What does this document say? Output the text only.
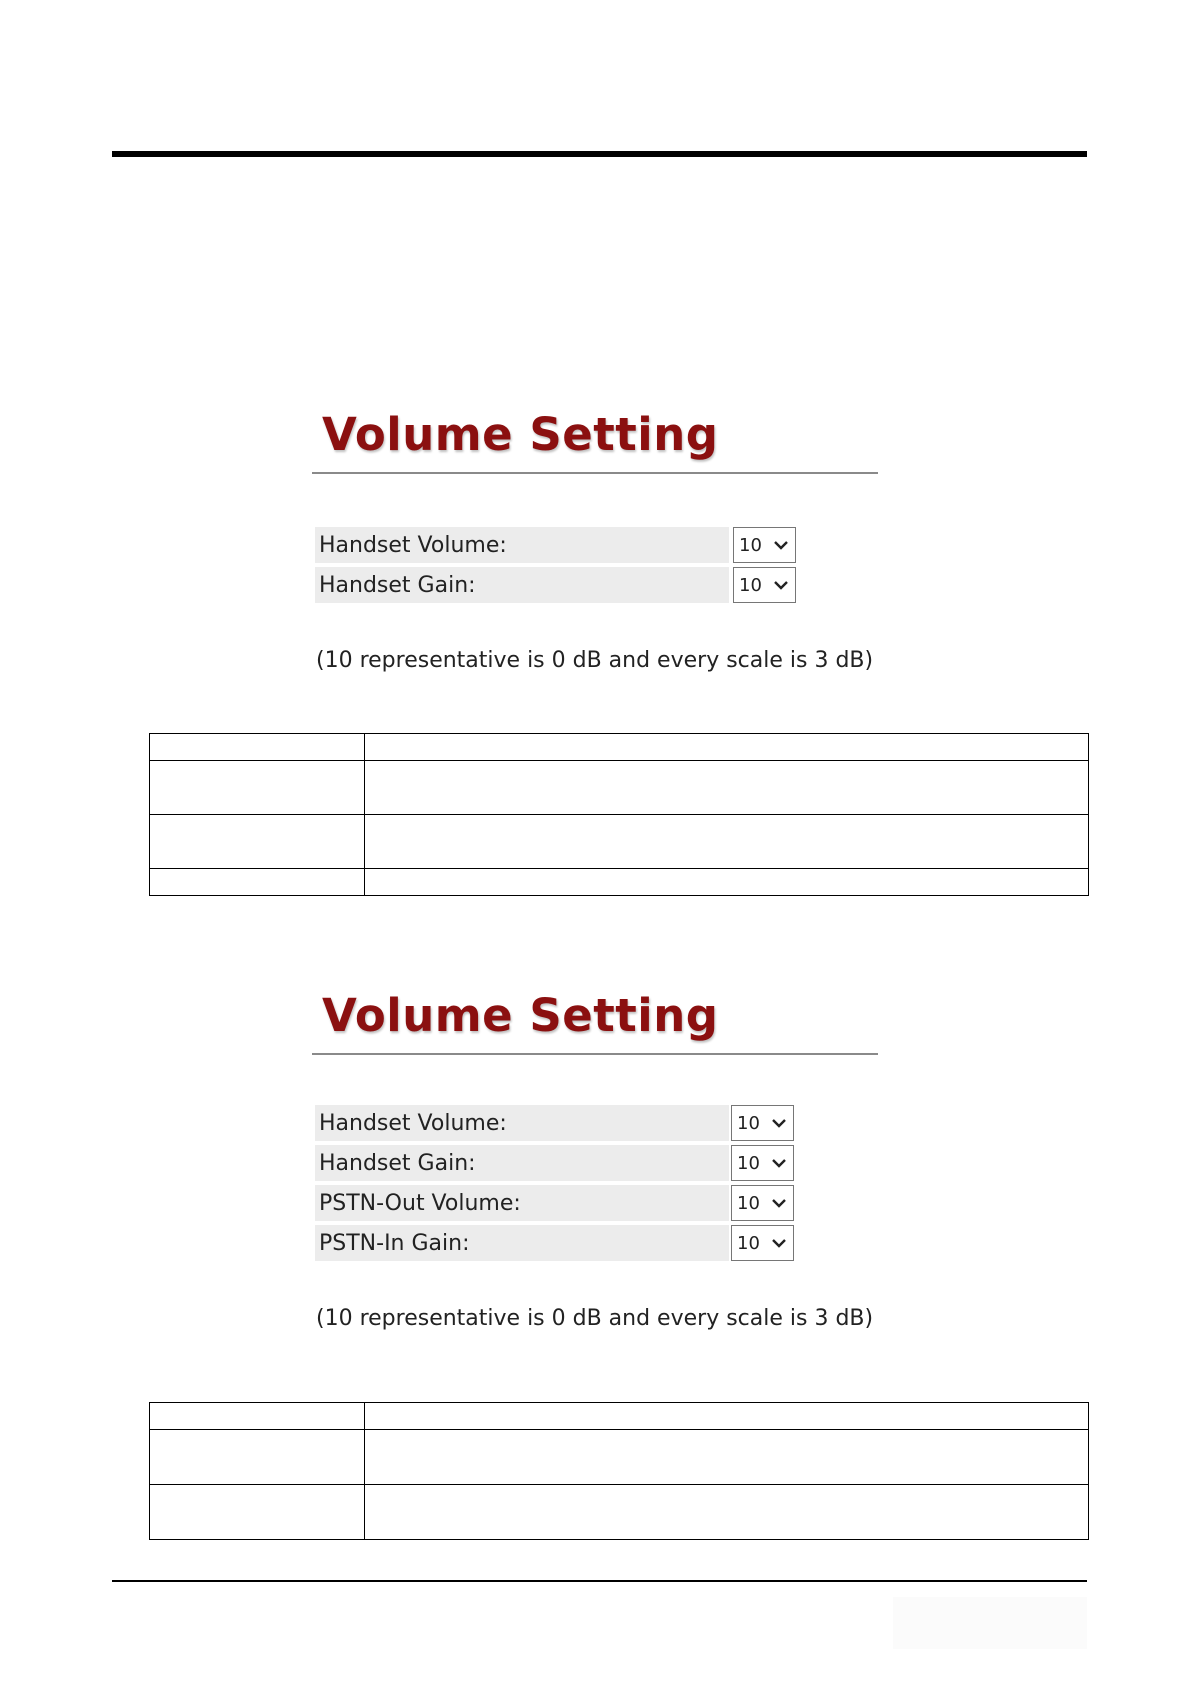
Volume Setting
Handset Volume:	10
Handset Gain:	10
(10 representative is 0 dB and every scale is 3 dB)

Volume Setting
Handset Volume:	10
Handset Gain:	10
PSTN-Out Volume:	10
PSTN-In Gain:	10
(10 representative is 0 dB and every scale is 3 dB)
